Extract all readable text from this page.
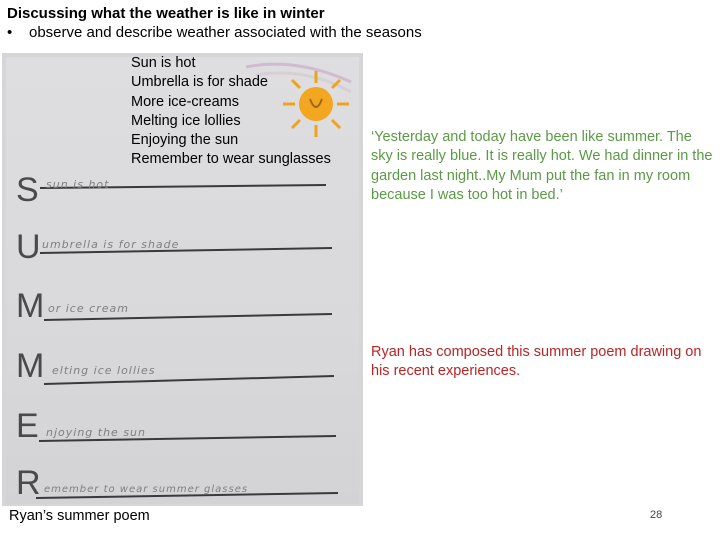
Discussing what the weather is like in winter
• observe and describe weather associated with the seasons
S
U
M
M
E
R
sun is hot
umbrella is for shade
or ice cream
elting ice lollies
njoying the sun
emember to wear summer glasses
Sun is hot
Umbrella is for shade
More ice-creams
Melting ice lollies
Enjoying the sun
Remember to wear sunglasses
‘Yesterday and today have been like summer. The sky is really blue. It is really hot. We had dinner in the garden last night..My Mum put the fan in my room because I was too hot in bed.’
Ryan has composed this summer poem drawing on his recent experiences.
Ryan’s summer poem	28
